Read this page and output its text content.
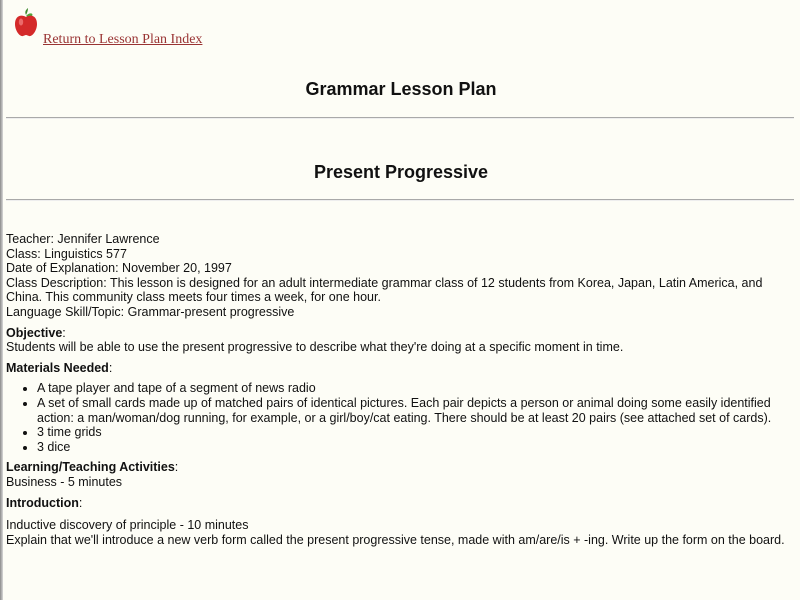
Return to Lesson Plan Index
Grammar Lesson Plan
Present Progressive
Teacher: Jennifer Lawrence
Class: Linguistics 577
Date of Explanation: November 20, 1997
Class Description: This lesson is designed for an adult intermediate grammar class of 12 students from Korea, Japan, Latin America, and China. This community class meets four times a week, for one hour.
Language Skill/Topic: Grammar-present progressive
Objective:
Students will be able to use the present progressive to describe what they're doing at a specific moment in time.
Materials Needed:
• A tape player and tape of a segment of news radio
• A set of small cards made up of matched pairs of identical pictures. Each pair depicts a person or animal doing some easily identified action: a man/woman/dog running, for example, or a girl/boy/cat eating. There should be at least 20 pairs (see attached set of cards).
• 3 time grids
• 3 dice
Learning/Teaching Activities:
Business - 5 minutes
Introduction:
Inductive discovery of principle - 10 minutes
Explain that we'll introduce a new verb form called the present progressive tense, made with am/are/is + -ing. Write up the form on the board.
